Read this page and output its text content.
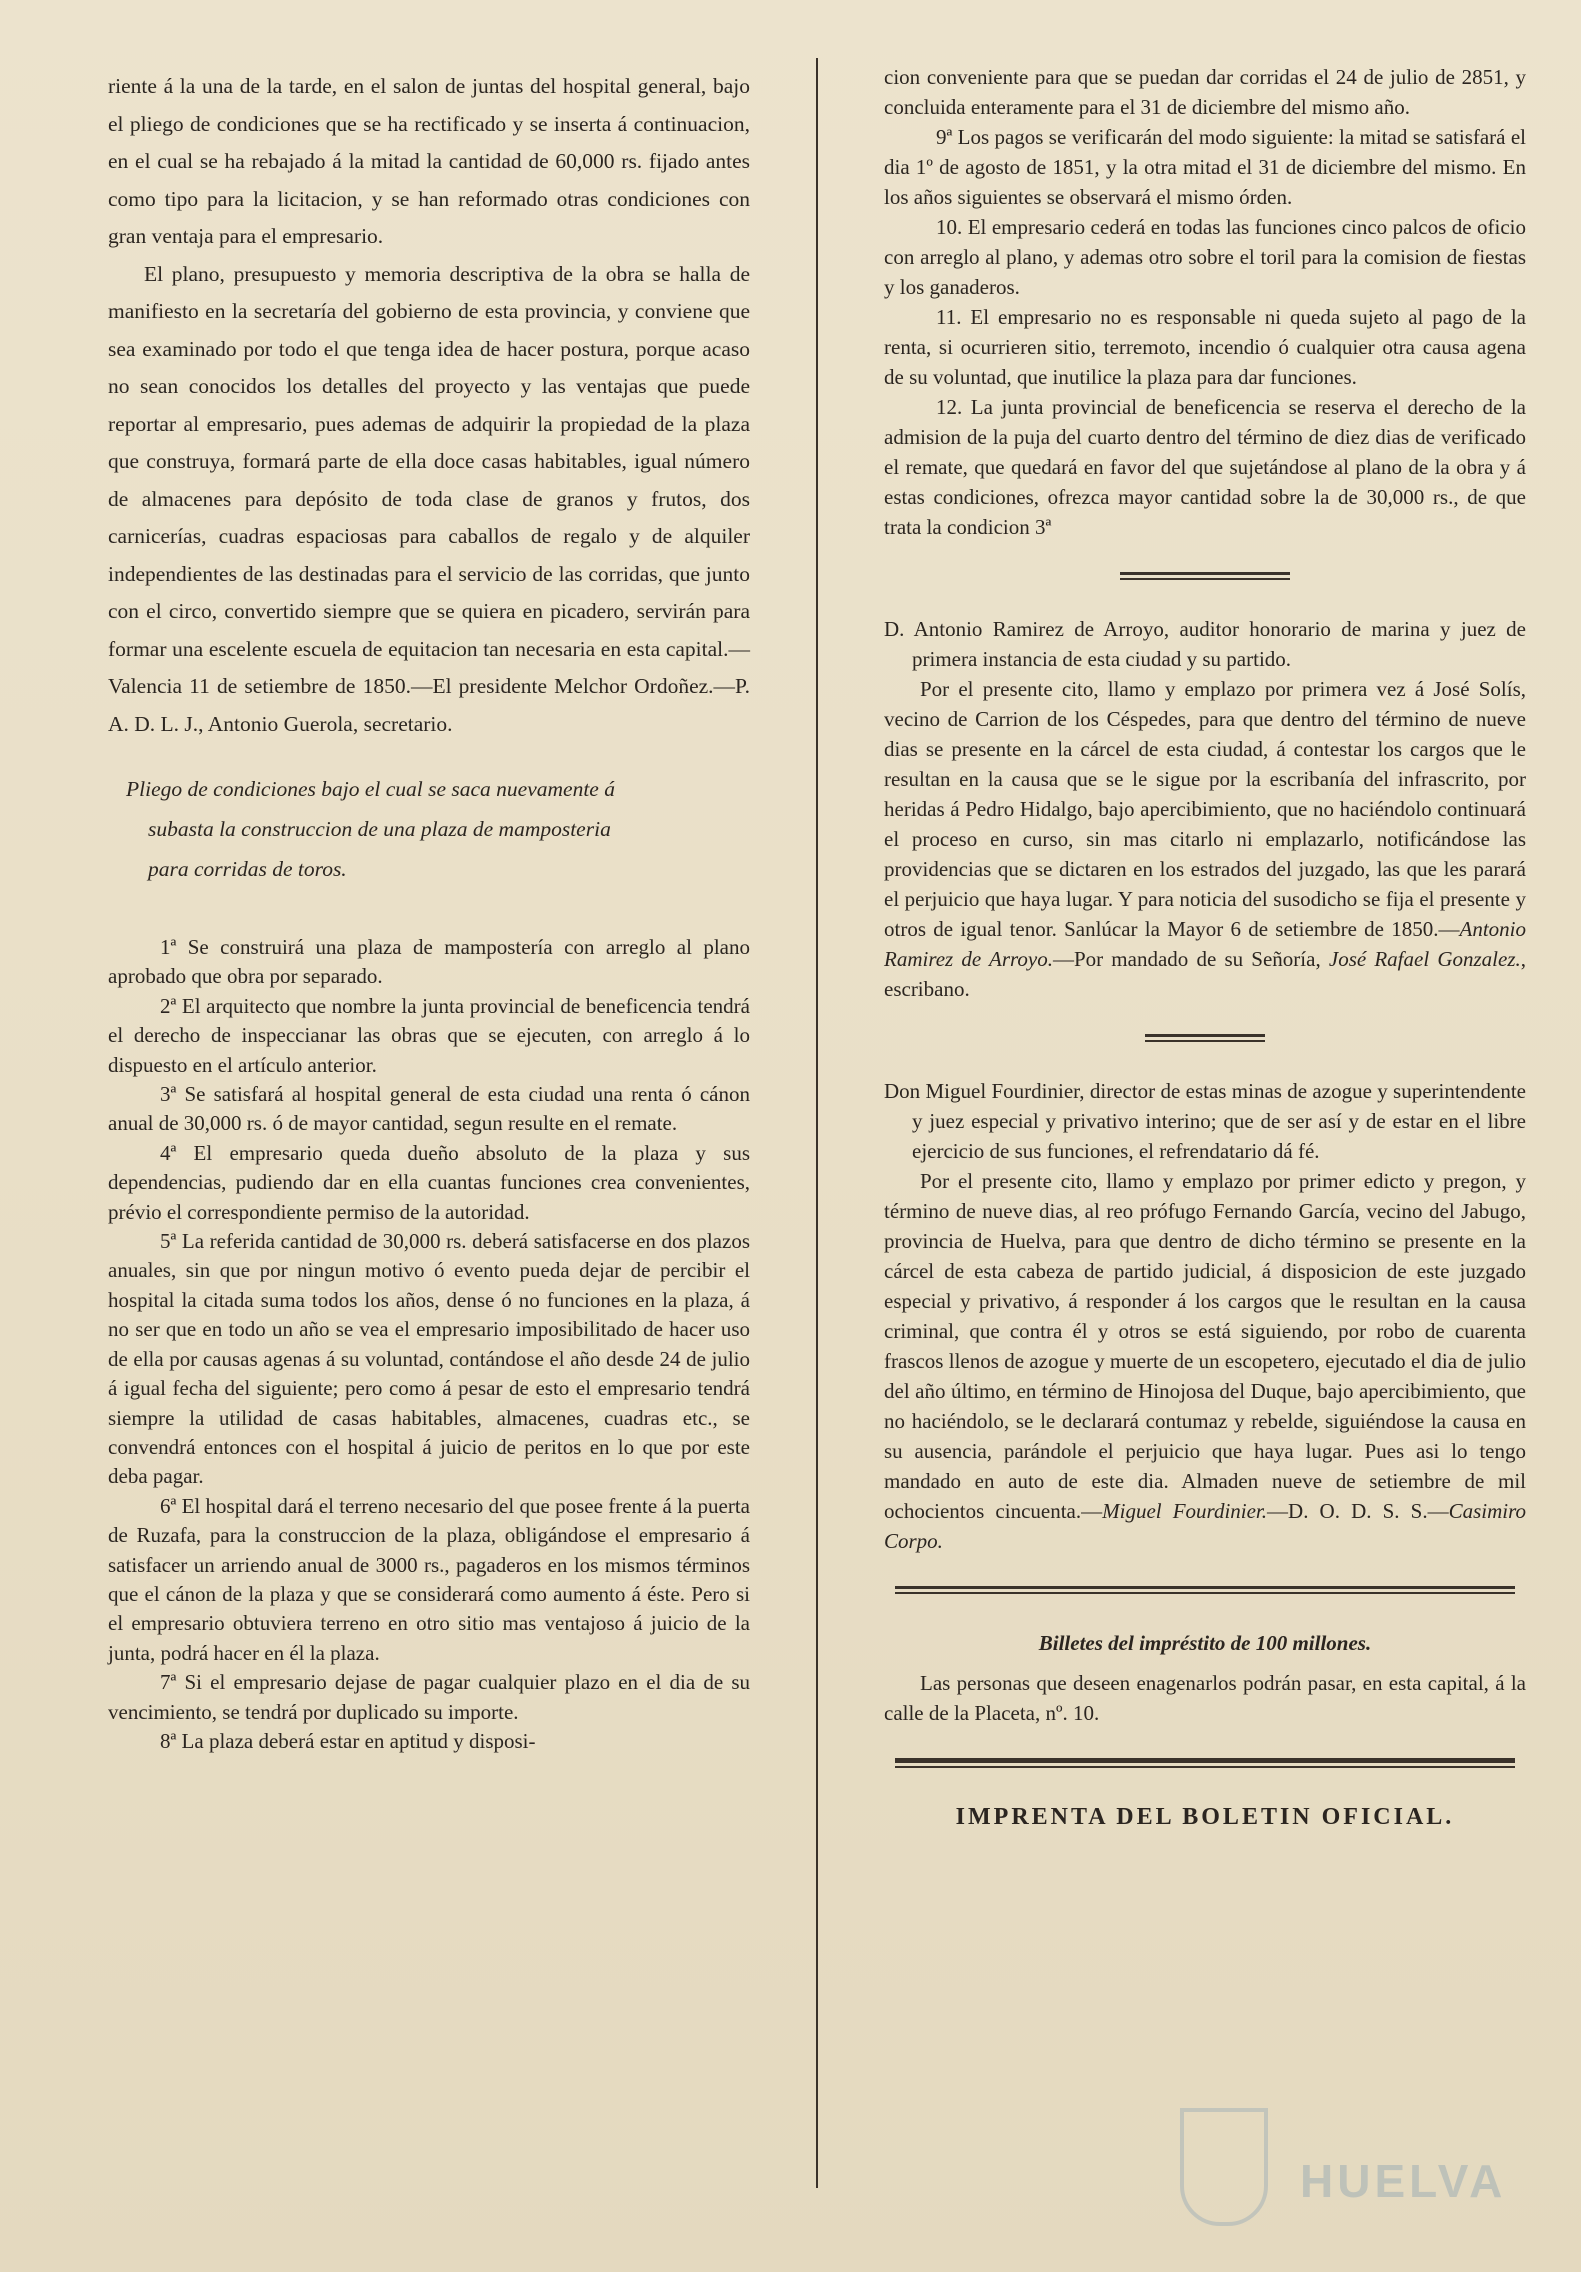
riente á la una de la tarde, en el salon de juntas del hospital general, bajo el pliego de condiciones que se ha rectificado y se inserta á continuacion, en el cual se ha rebajado á la mitad la cantidad de 60,000 rs. fijado antes como tipo para la licitacion, y se han reformado otras condiciones con gran ventaja para el empresario.

El plano, presupuesto y memoria descriptiva de la obra se halla de manifiesto en la secretaría del gobierno de esta provincia, y conviene que sea examinado por todo el que tenga idea de hacer postura, porque acaso no sean conocidos los detalles del proyecto y las ventajas que puede reportar al empresario, pues ademas de adquirir la propiedad de la plaza que construya, formará parte de ella doce casas habitables, igual número de almacenes para depósito de toda clase de granos y frutos, dos carnicerías, cuadras espaciosas para caballos de regalo y de alquiler independientes de las destinadas para el servicio de las corridas, que junto con el circo, convertido siempre que se quiera en picadero, servirán para formar una escelente escuela de equitacion tan necesaria en esta capital.—Valencia 11 de setiembre de 1850.—El presidente Melchor Ordoñez.—P. A. D. L. J., Antonio Guerola, secretario.

Pliego de condiciones bajo el cual se saca nuevamente á
subasta la construccion de una plaza de mamposteria
para corridas de toros.

1ª Se construirá una plaza de mampostería con arreglo al plano aprobado que obra por separado.

2ª El arquitecto que nombre la junta provincial de beneficencia tendrá el derecho de inspeccianar las obras que se ejecuten, con arreglo á lo dispuesto en el artículo anterior.

3ª Se satisfará al hospital general de esta ciudad una renta ó cánon anual de 30,000 rs. ó de mayor cantidad, segun resulte en el remate.

4ª El empresario queda dueño absoluto de la plaza y sus dependencias, pudiendo dar en ella cuantas funciones crea convenientes, prévio el correspondiente permiso de la autoridad.

5ª La referida cantidad de 30,000 rs. deberá satisfacerse en dos plazos anuales, sin que por ningun motivo ó evento pueda dejar de percibir el hospital la citada suma todos los años, dense ó no funciones en la plaza, á no ser que en todo un año se vea el empresario imposibilitado de hacer uso de ella por causas agenas á su voluntad, contándose el año desde 24 de julio á igual fecha del siguiente; pero como á pesar de esto el empresario tendrá siempre la utilidad de casas habitables, almacenes, cuadras etc., se convendrá entonces con el hospital á juicio de peritos en lo que por este deba pagar.

6ª El hospital dará el terreno necesario del que posee frente á la puerta de Ruzafa, para la construccion de la plaza, obligándose el empresario á satisfacer un arriendo anual de 3000 rs., pagaderos en los mismos términos que el cánon de la plaza y que se considerará como aumento á éste. Pero si el empresario obtuviera terreno en otro sitio mas ventajoso á juicio de la junta, podrá hacer en él la plaza.

7ª Si el empresario dejase de pagar cualquier plazo en el dia de su vencimiento, se tendrá por duplicado su importe.

8ª La plaza deberá estar en aptitud y disposi-

cion conveniente para que se puedan dar corridas el 24 de julio de 2851, y concluida enteramente para el 31 de diciembre del mismo año.

9ª Los pagos se verificarán del modo siguiente: la mitad se satisfará el dia 1º de agosto de 1851, y la otra mitad el 31 de diciembre del mismo. En los años siguientes se observará el mismo órden.

10. El empresario cederá en todas las funciones cinco palcos de oficio con arreglo al plano, y ademas otro sobre el toril para la comision de fiestas y los ganaderos.

11. El empresario no es responsable ni queda sujeto al pago de la renta, si ocurrieren sitio, terremoto, incendio ó cualquier otra causa agena de su voluntad, que inutilice la plaza para dar funciones.

12. La junta provincial de beneficencia se reserva el derecho de la admision de la puja del cuarto dentro del término de diez dias de verificado el remate, que quedará en favor del que sujetándose al plano de la obra y á estas condiciones, ofrezca mayor cantidad sobre la de 30,000 rs., de que trata la condicion 3ª

D. Antonio Ramirez de Arroyo, auditor honorario de marina y juez de primera instancia de esta ciudad y su partido.

Por el presente cito, llamo y emplazo por primera vez á José Solís, vecino de Carrion de los Céspedes, para que dentro del término de nueve dias se presente en la cárcel de esta ciudad, á contestar los cargos que le resultan en la causa que se le sigue por la escribanía del infrascrito, por heridas á Pedro Hidalgo, bajo apercibimiento, que no haciéndolo continuará el proceso en curso, sin mas citarlo ni emplazarlo, notificándose las providencias que se dictaren en los estrados del juzgado, las que les parará el perjuicio que haya lugar. Y para noticia del susodicho se fija el presente y otros de igual tenor. Sanlúcar la Mayor 6 de setiembre de 1850.—Antonio Ramirez de Arroyo.—Por mandado de su Señoría, José Rafael Gonzalez., escribano.

Don Miguel Fourdinier, director de estas minas de azogue y superintendente y juez especial y privativo interino; que de ser así y de estar en el libre ejercicio de sus funciones, el refrendatario dá fé.

Por el presente cito, llamo y emplazo por primer edicto y pregon, y término de nueve dias, al reo prófugo Fernando García, vecino del Jabugo, provincia de Huelva, para que dentro de dicho término se presente en la cárcel de esta cabeza de partido judicial, á disposicion de este juzgado especial y privativo, á responder á los cargos que le resultan en la causa criminal, que contra él y otros se está siguiendo, por robo de cuarenta frascos llenos de azogue y muerte de un escopetero, ejecutado el dia de julio del año último, en término de Hinojosa del Duque, bajo apercibimiento, que no haciéndolo, se le declarará contumaz y rebelde, siguiéndose la causa en su ausencia, parándole el perjuicio que haya lugar. Pues asi lo tengo mandado en auto de este dia. Almaden nueve de setiembre de mil ochocientos cincuenta.—Miguel Fourdinier.—D. O. D. S. S.—Casimiro Corpo.

Billetes del impréstito de 100 millones.

Las personas que deseen enagenarlos podrán pasar, en esta capital, á la calle de la Placeta, nº. 10.

IMPRENTA DEL BOLETIN OFICIAL.

HUELVA
